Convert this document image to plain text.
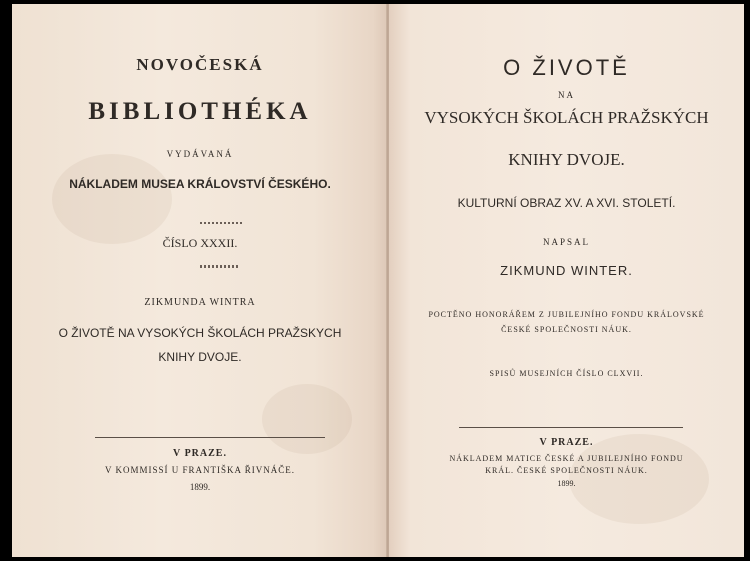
NOVOČESKÁ
BIBLIOTHÉKA
VYDÁVANÁ
NÁKLADEM MUSEA KRÁLOVSTVÍ ČESKÉHO.
ČÍSLO XXXII.
ZIKMUNDA WINTRA
O ŽIVOTĚ NA VYSOKÝCH ŠKOLÁCH PRAŽSKYCH
KNIHY DVOJE.
V PRAZE.
V KOMMISSÍ U FRANTIŠKA ŘIVNÁČE.
1899.
O ŽIVOTĚ
NA
VYSOKÝCH ŠKOLÁCH PRAŽSKÝCH
KNIHY DVOJE.
KULTURNÍ OBRAZ XV. A XVI. STOLETÍ.
NAPSAL
ZIKMUND WINTER.
POCTĚNO HONORÁŘEM Z JUBILEJNÍHO FONDU KRÁLOVSKÉ
ČESKÉ SPOLEČNOSTI NÁUK.
SPISŮ MUSEJNÍCH ČÍSLO CLXVII.
V PRAZE.
NÁKLADEM MATICE ČESKÉ A JUBILEJNÍHO FONDU
KRÁL. ČESKÉ SPOLEČNOSTI NÁUK.
1899.
